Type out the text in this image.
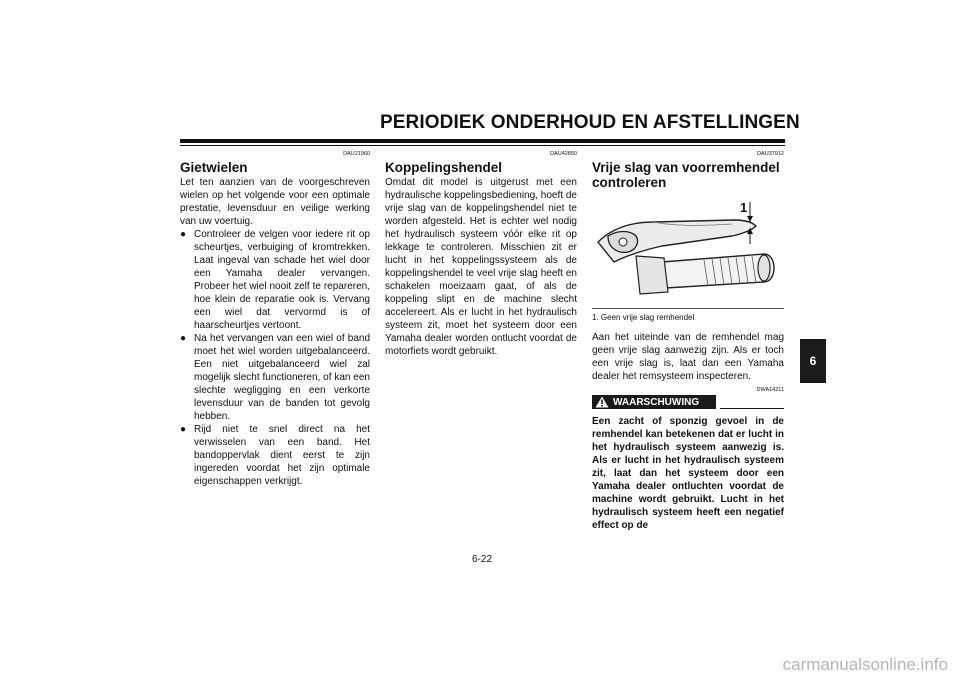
PERIODIEK ONDERHOUD EN AFSTELLINGEN
DAU21960
Gietwielen

Let ten aanzien van de voorgeschreven wielen op het volgende voor een optimale prestatie, levensduur en veilige werking van uw voertuig.

● Controleer de velgen voor iedere rit op scheurtjes, verbuiging of kromtrekken. Laat ingeval van schade het wiel door een Yamaha dealer vervangen. Probeer het wiel nooit zelf te repareren, hoe klein de reparatie ook is. Vervang een wiel dat vervormd is of haarscheurtjes vertoont.
● Na het vervangen van een wiel of band moet het wiel worden uitgebalanceerd. Een niet uitgebalanceerd wiel zal mogelijk slecht functioneren, of kan een slechte wegligging en een verkorte levensduur van de banden tot gevolg hebben.
● Rijd niet te snel direct na het verwisselen van een band. Het bandoppervlak dient eerst te zijn ingereden voordat het zijn optimale eigenschappen verkrijgt.
DAU42850
Koppelingshendel

Omdat dit model is uitgerust met een hydraulische koppelingsbediening, hoeft de vrije slag van de koppelingshendel niet te worden afgesteld. Het is echter wel nodig het hydraulisch systeem vóór elke rit op lekkage te controleren. Misschien zit er lucht in het koppelingssysteem als de koppelingshendel te veel vrije slag heeft en schakelen moeizaam gaat, of als de koppeling slipt en de machine slecht accelereert. Als er lucht in het hydraulisch systeem zit, moet het systeem door een Yamaha dealer worden ontlucht voordat de motorfiets wordt gebruikt.

DAU37912
Vrije slag van voorremhendel controleren
1
1. Geen vrije slag remhendel

Aan het uiteinde van de remhendel mag geen vrije slag aanwezig zijn. Als er toch een vrije slag is, laat dan een Yamaha dealer het remsysteem inspecteren.

DWA14211
WAARSCHUWING

Een zacht of sponzig gevoel in de remhendel kan betekenen dat er lucht in het hydraulisch systeem aanwezig is. Als er lucht in het hydraulisch systeem zit, laat dan het systeem door een Yamaha dealer ontluchten voordat de machine wordt gebruikt. Lucht in het hydraulisch systeem heeft een negatief effect op de

6
6-22
carmanualsonline.info
